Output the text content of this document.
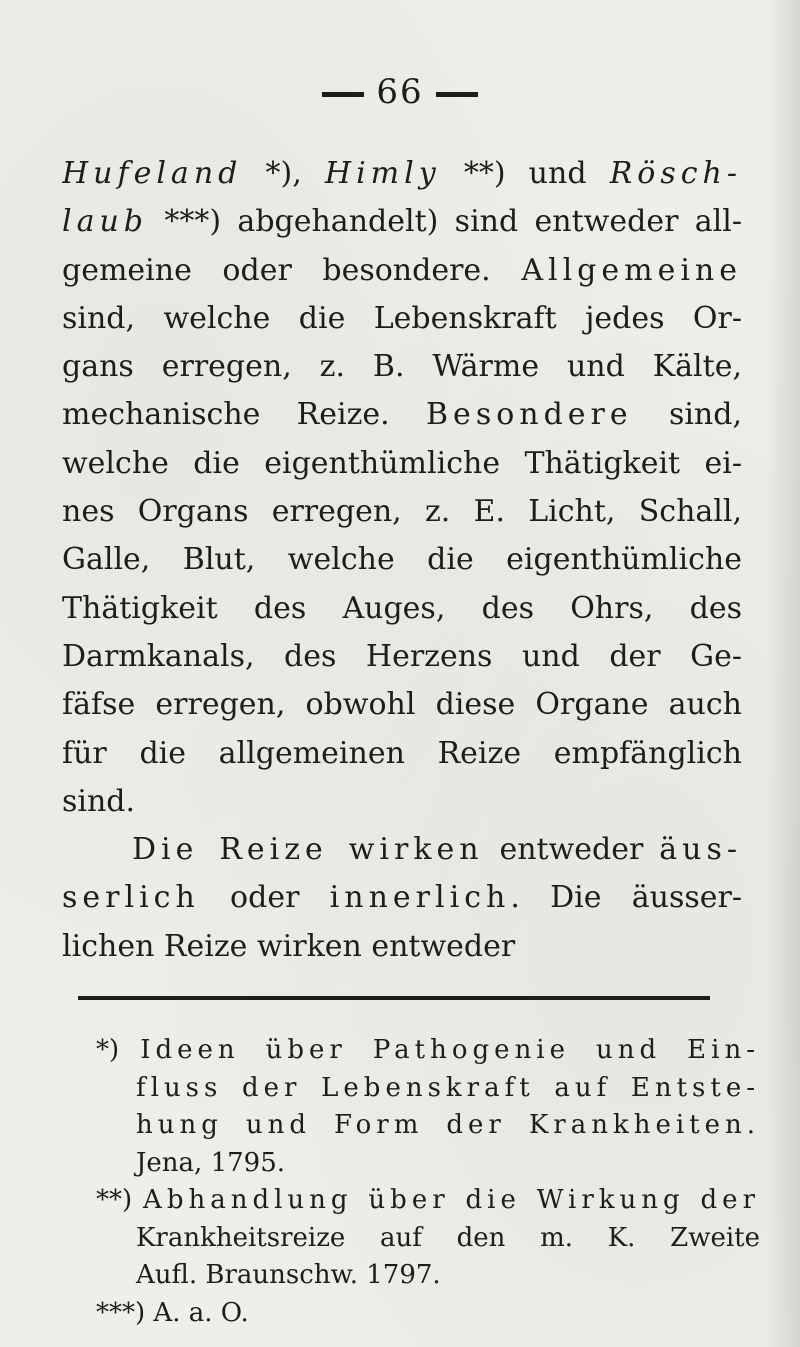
66
Hufeland *), Himly **) und Rösch-
laub ***) abgehandelt) sind entweder all-
gemeine oder besondere. Allgemeine
sind, welche die Lebenskraft jedes Or-
gans erregen, z. B. Wärme und Kälte,
mechanische Reize. Besondere sind,
welche die eigenthümliche Thätigkeit ei-
nes Organs erregen, z. E. Licht, Schall,
Galle, Blut, welche die eigenthümliche
Thätigkeit des Auges, des Ohrs, des
Darmkanals, des Herzens und der Ge-
fäfse erregen, obwohl diese Organe auch
für die allgemeinen Reize empfänglich
sind.
Die Reize wirken entweder äus-
serlich oder innerlich. Die äusser-
lichen Reize wirken entweder
*) Ideen über Pathogenie und Ein-
fluss der Lebenskraft auf Entste-
hung und Form der Krankheiten.
Jena, 1795.
**) Abhandlung über die Wirkung der
Krankheitsreize auf den m. K. Zweite
Aufl. Braunschw. 1797.
***) A. a. O.
